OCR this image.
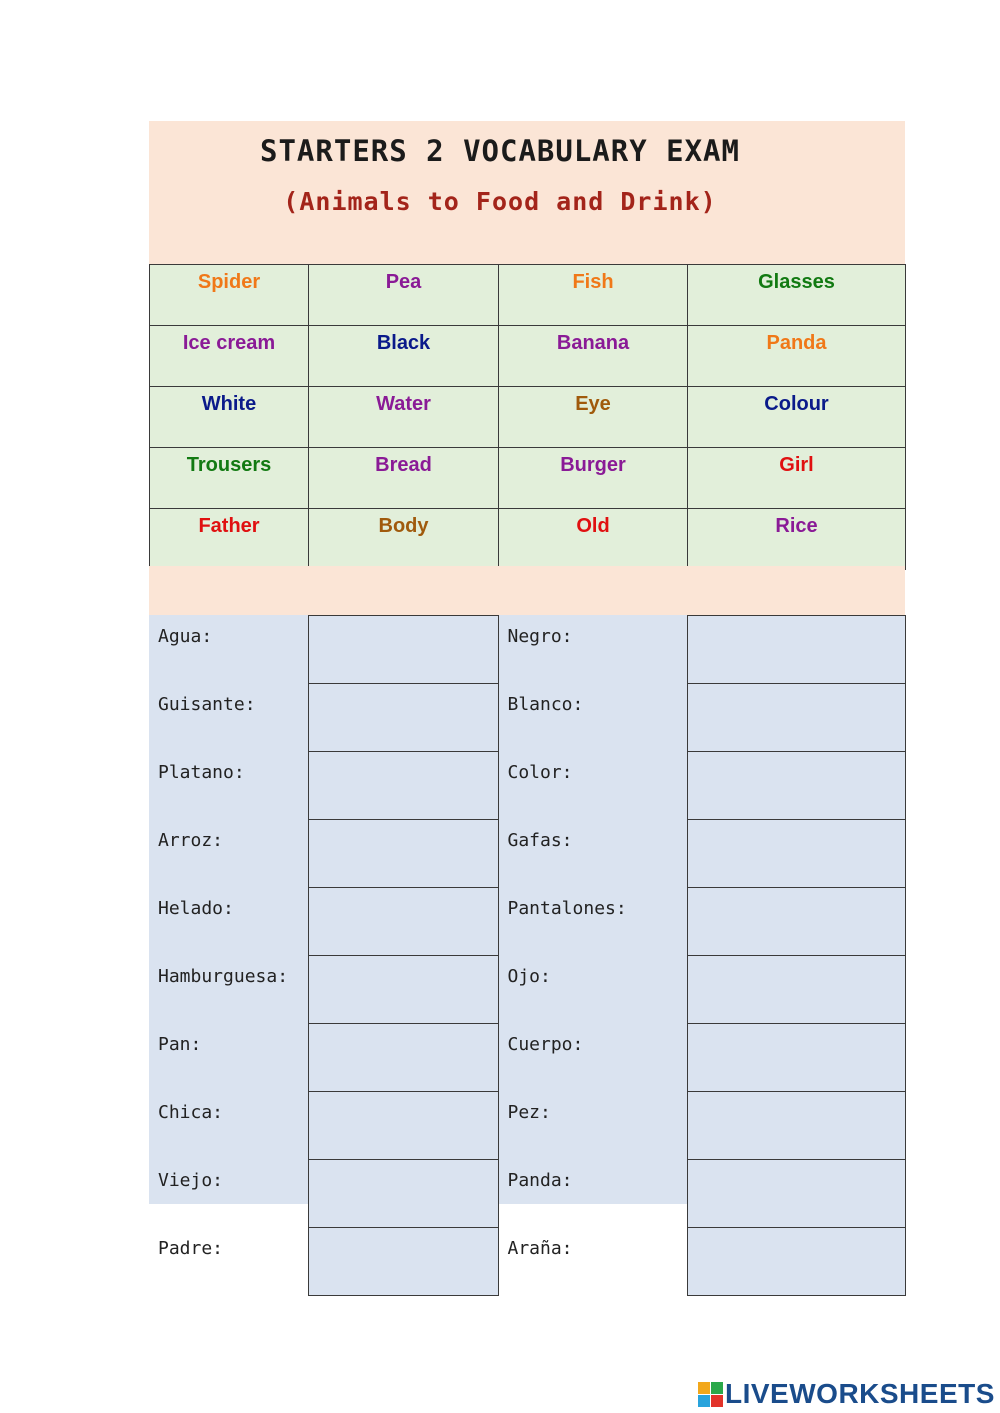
STARTERS 2 VOCABULARY EXAM
(Animals to Food and Drink)
Spider	Pea	Fish	Glasses

Ice cream	Black	Banana	Panda

White	Water	Eye	Colour

Trousers	Bread	Burger	Girl

Father	Body	Old	Rice
Agua:		Negro:	
Guisante:		Blanco:	
Platano:		Color:	
Arroz:		Gafas:	
Helado:		Pantalones:	
Hamburguesa:		Ojo:	
Pan:		Cuerpo:	
Chica:		Pez:	
Viejo:		Panda:	
Padre:		Araña:	
LIVEWORKSHEETS
